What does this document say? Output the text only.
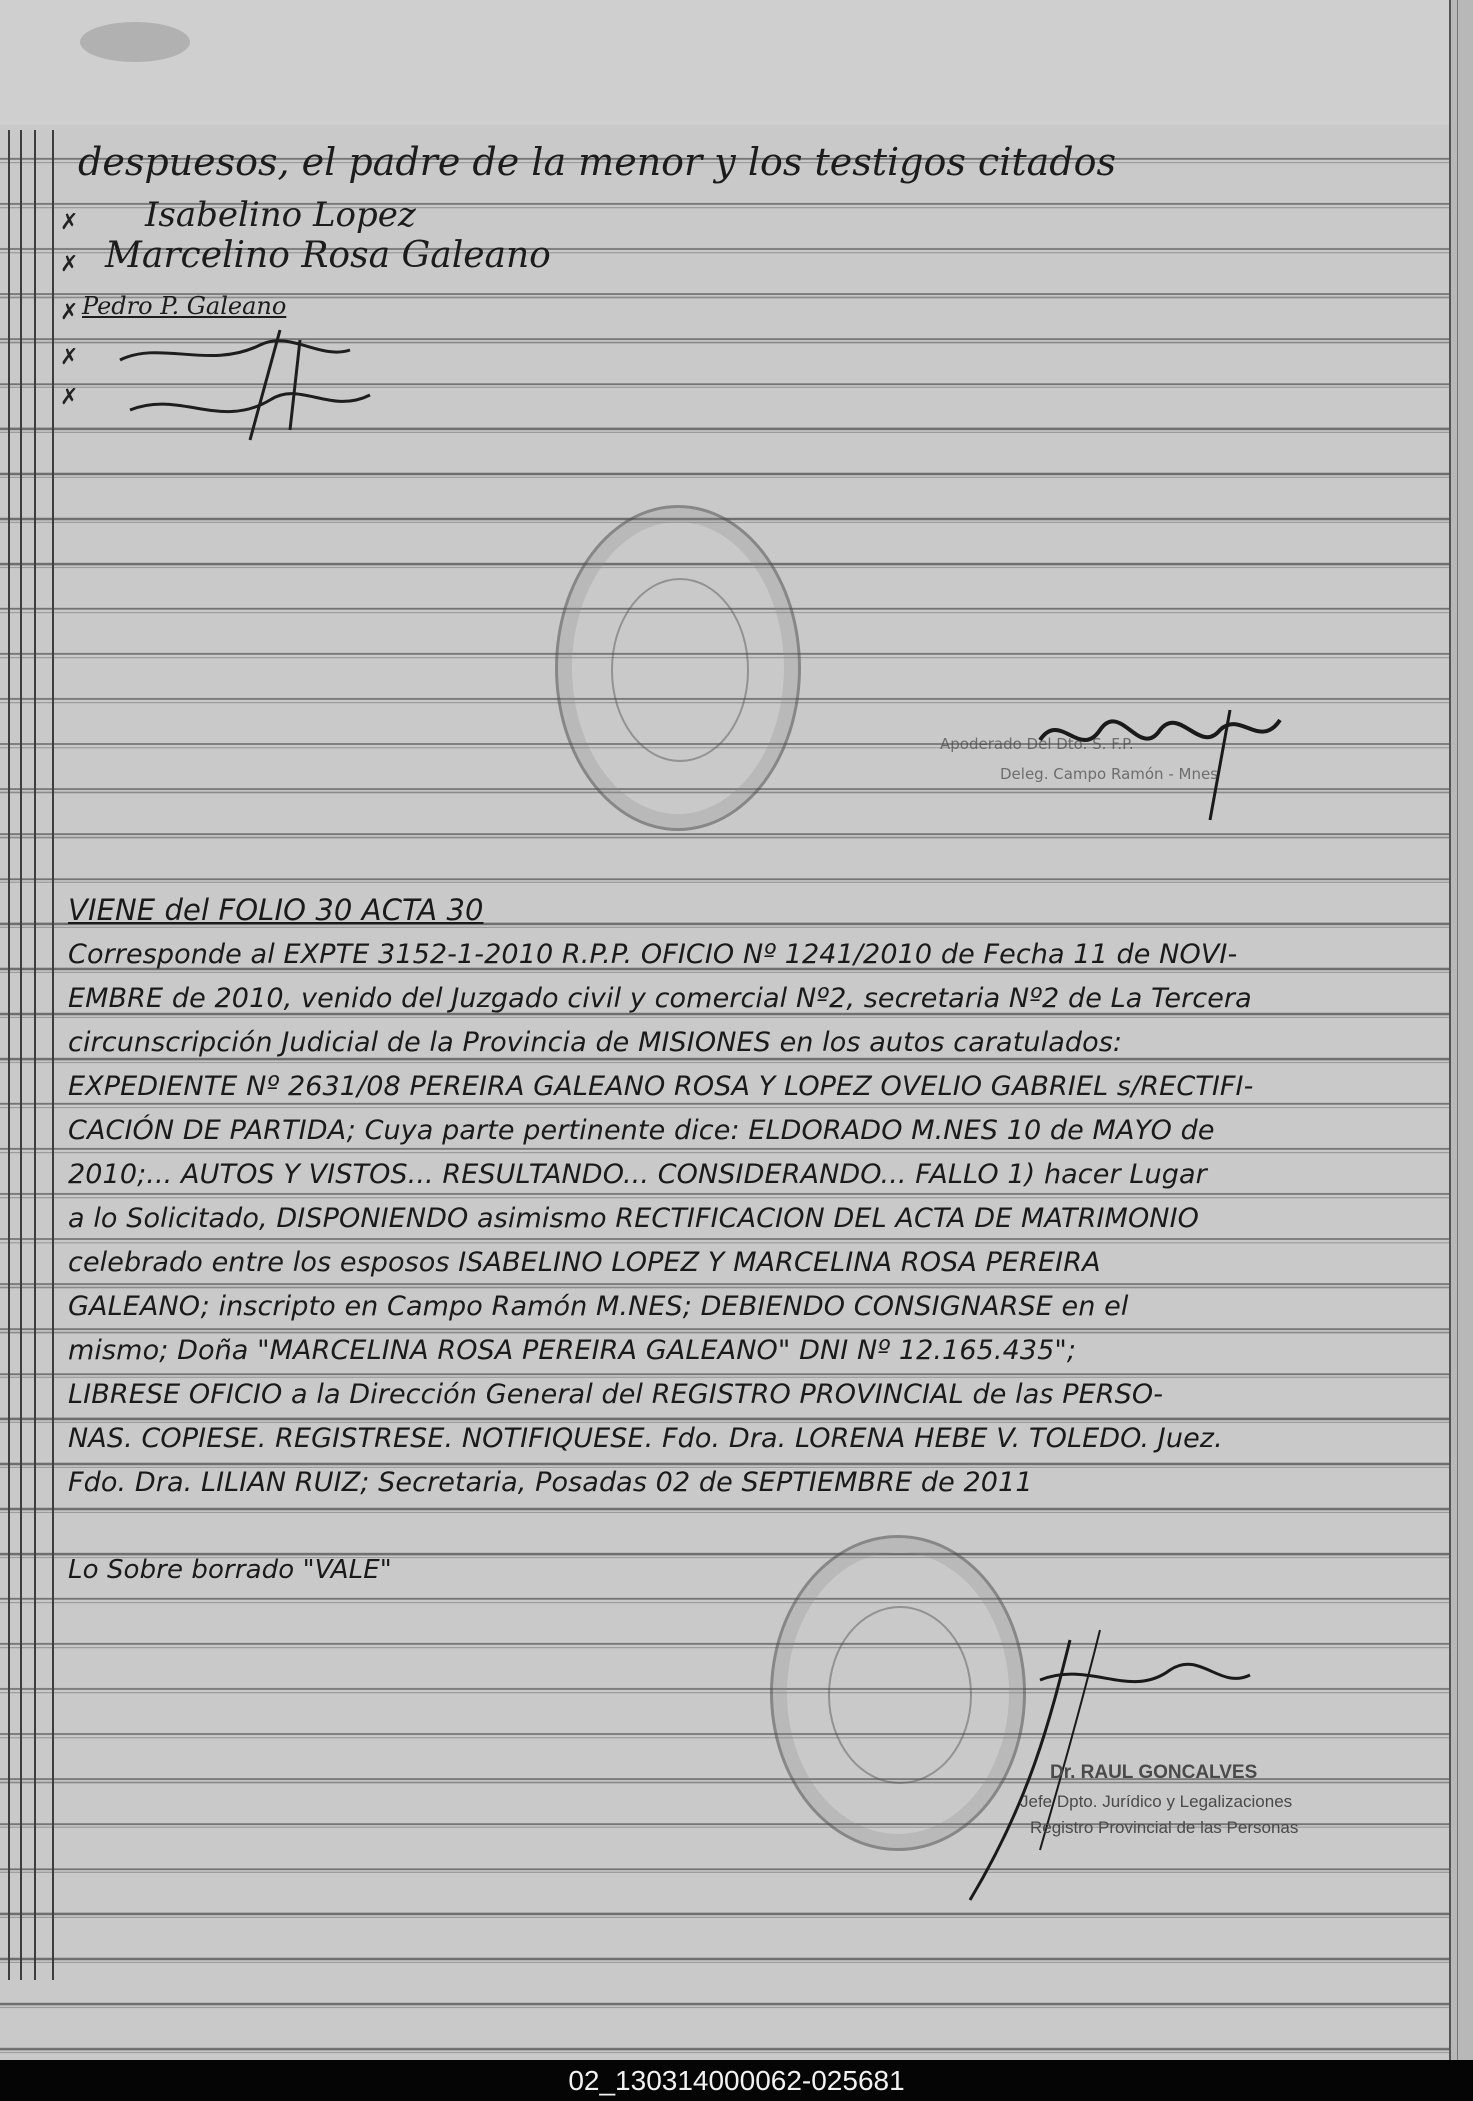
despuesos, el padre de la menor y los testigos citados
✗ Isabelino Lopez
✗ Marcelino Rosa Galeano
✗ Pedro P. Galeano
✗
✗
Apoderado Del Dto. S. F.P.
Deleg. Campo Ramón - Mnes
VIENE del FOLIO 30 ACTA 30
Corresponde al EXPTE 3152-1-2010 R.P.P. OFICIO Nº 1241/2010 de Fecha 11 de NOVI-
EMBRE de 2010, venido del Juzgado civil y comercial Nº2, secretaria Nº2 de La Tercera
circunscripción Judicial de la Provincia de MISIONES en los autos caratulados:
EXPEDIENTE Nº 2631/08 PEREIRA GALEANO ROSA Y LOPEZ OVELIO GABRIEL s/RECTIFI-
CACIÓN DE PARTIDA; Cuya parte pertinente dice: ELDORADO M.NES 10 de MAYO de
2010;... AUTOS Y VISTOS... RESULTANDO... CONSIDERANDO... FALLO 1) hacer Lugar
a lo Solicitado, DISPONIENDO asimismo RECTIFICACION DEL ACTA DE MATRIMONIO
celebrado entre los esposos ISABELINO LOPEZ Y MARCELINA ROSA PEREIRA
GALEANO; inscripto en Campo Ramón M.NES; DEBIENDO CONSIGNARSE en el
mismo; Doña "MARCELINA ROSA PEREIRA GALEANO" DNI Nº 12.165.435";
LIBRESE OFICIO a la Dirección General del REGISTRO PROVINCIAL de las PERSO-
NAS. COPIESE. REGISTRESE. NOTIFIQUESE. Fdo. Dra. LORENA HEBE V. TOLEDO. Juez.
Fdo. Dra. LILIAN RUIZ; Secretaria, Posadas 02 de SEPTIEMBRE de 2011
Lo Sobre borrado "VALE"
Dr. RAUL GONCALVES
Jefe Dpto. Jurídico y Legalizaciones
Registro Provincial de las Personas
02_130314000062-025681
